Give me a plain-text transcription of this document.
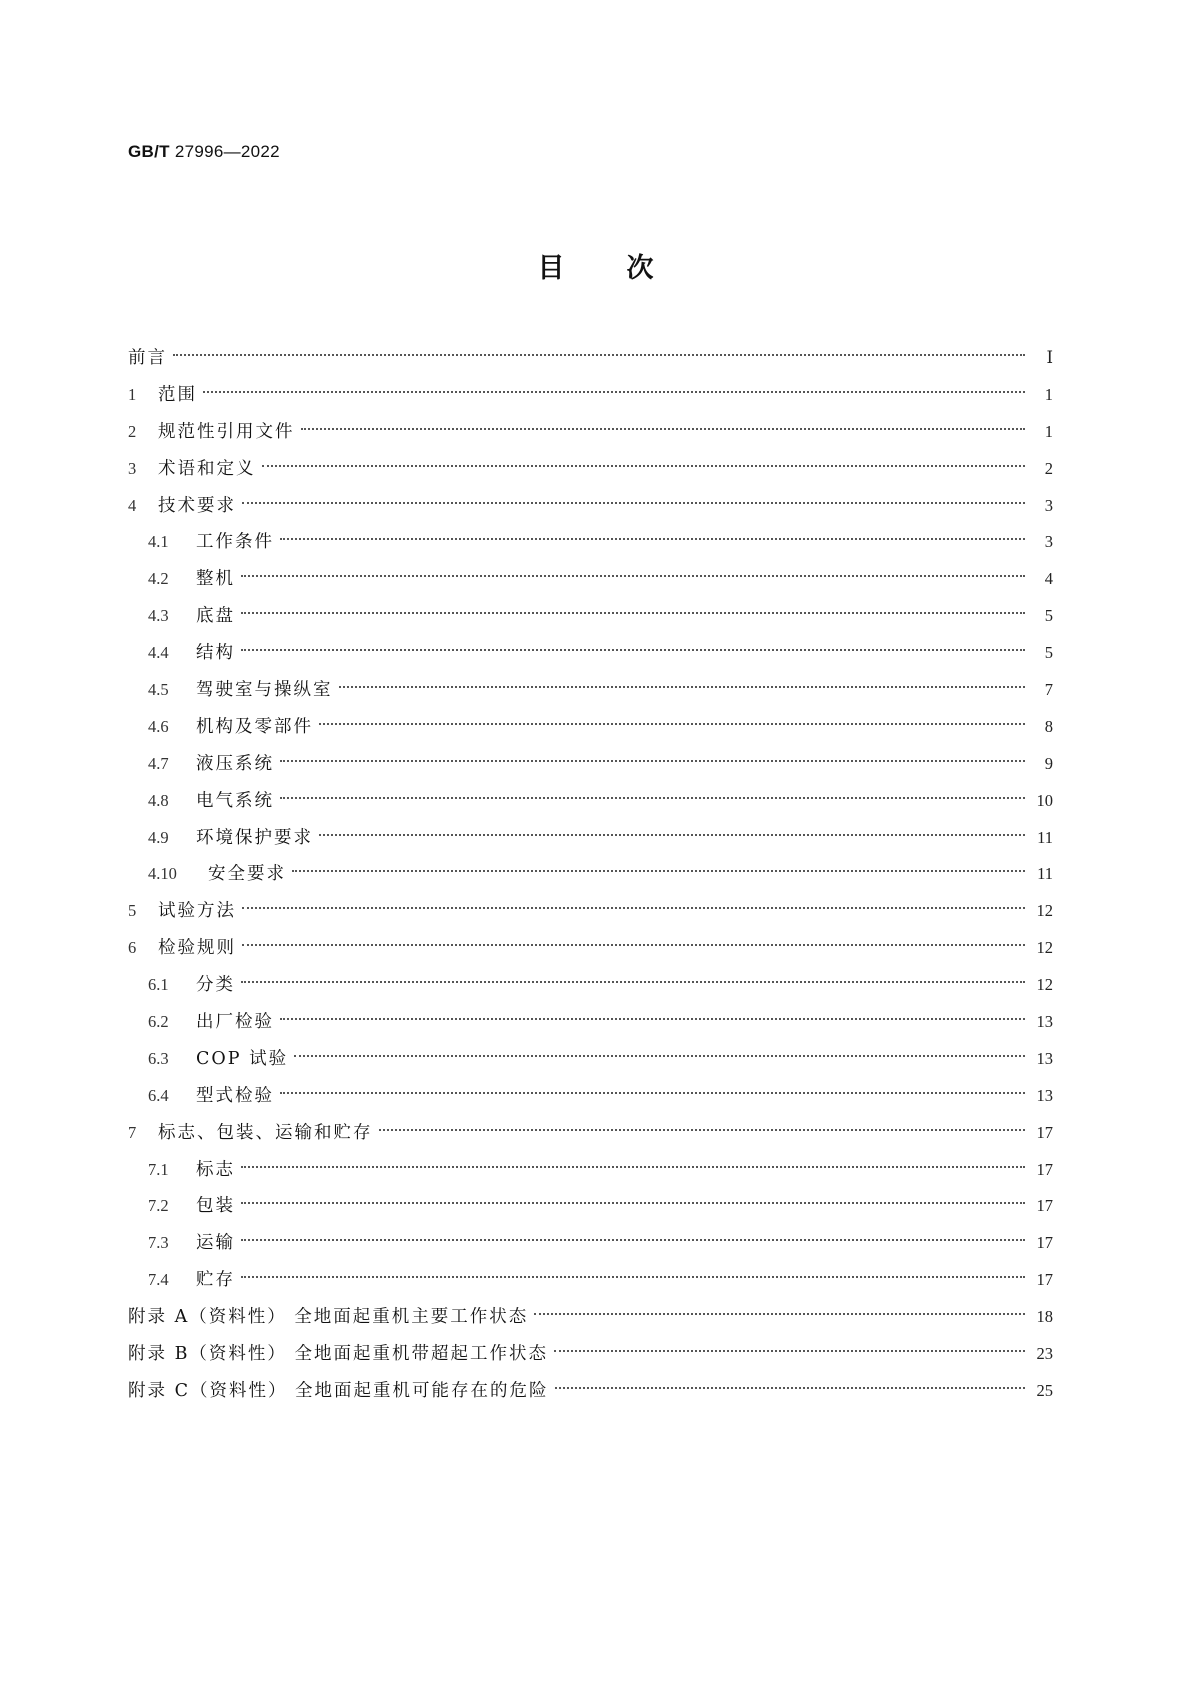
GB/T 27996—2022
目 次
前言	Ⅰ
1	范围	1
2	规范性引用文件	1
3	术语和定义	2
4	技术要求	3
4.1	工作条件	3
4.2	整机	4
4.3	底盘	5
4.4	结构	5
4.5	驾驶室与操纵室	7
4.6	机构及零部件	8
4.7	液压系统	9
4.8	电气系统	10
4.9	环境保护要求	11
4.10	安全要求	11
5	试验方法	12
6	检验规则	12
6.1	分类	12
6.2	出厂检验	13
6.3	COP 试验	13
6.4	型式检验	13
7	标志、包装、运输和贮存	17
7.1	标志	17
7.2	包装	17
7.3	运输	17
7.4	贮存	17
附录 A（资料性） 全地面起重机主要工作状态	18
附录 B（资料性） 全地面起重机带超起工作状态	23
附录 C（资料性） 全地面起重机可能存在的危险	25
